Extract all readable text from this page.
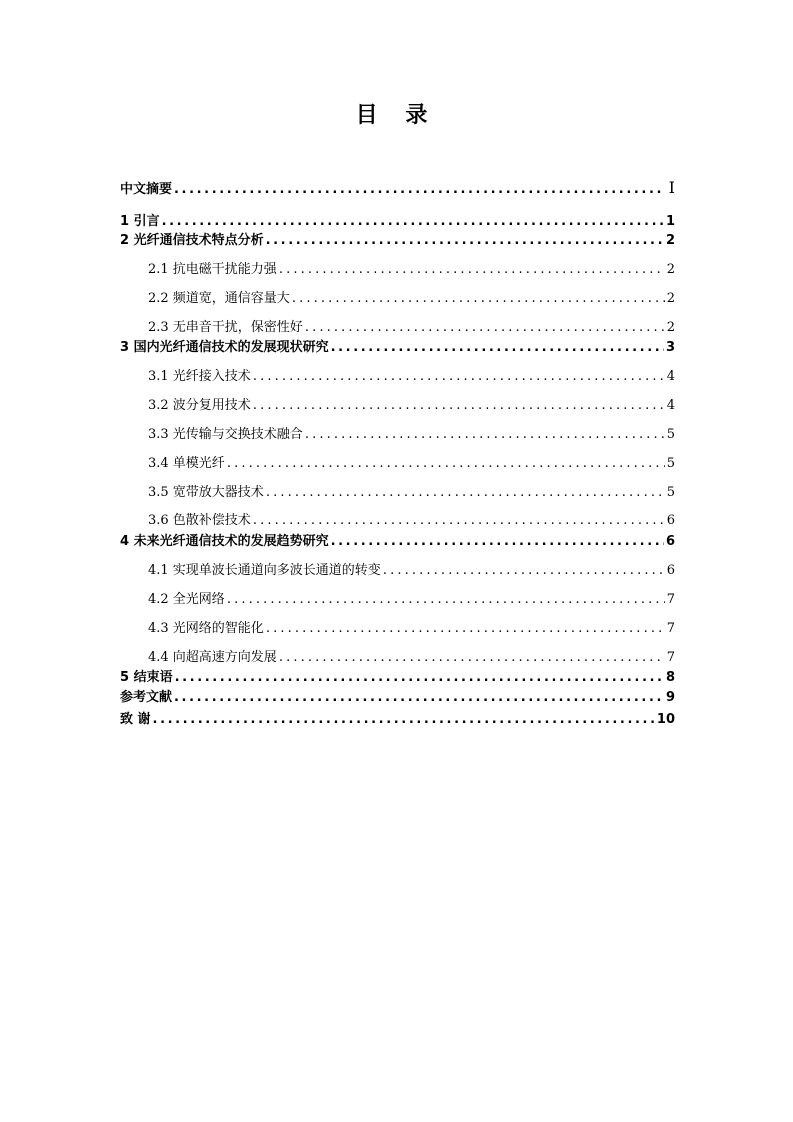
目 录
中文摘要 .....	I
1 引言 .....	1
2 光纤通信技术特点分析 .....	2
2.1 抗电磁干扰能力强 . . .	2
2.2 频道宽，通信容量大 . . .	2
2.3 无串音干扰，保密性好 . . .	2
3 国内光纤通信技术的发展现状研究 .....	3
3.1 光纤接入技术 . . .	4
3.2 波分复用技术 . . .	4
3.3 光传输与交换技术融合 . . .	5
3.4 单模光纤 . . .	5
3.5 宽带放大器技术 . . .	5
3.6 色散补偿技术 . . .	6
4 未来光纤通信技术的发展趋势研究 .....	6
4.1 实现单波长通道向多波长通道的转变 . . .	6
4.2 全光网络 . . .	7
4.3 光网络的智能化 . . .	7
4.4 向超高速方向发展 . . .	7
5 结束语 .....	8
参考文献 .....	9
致 谢 .....	10
